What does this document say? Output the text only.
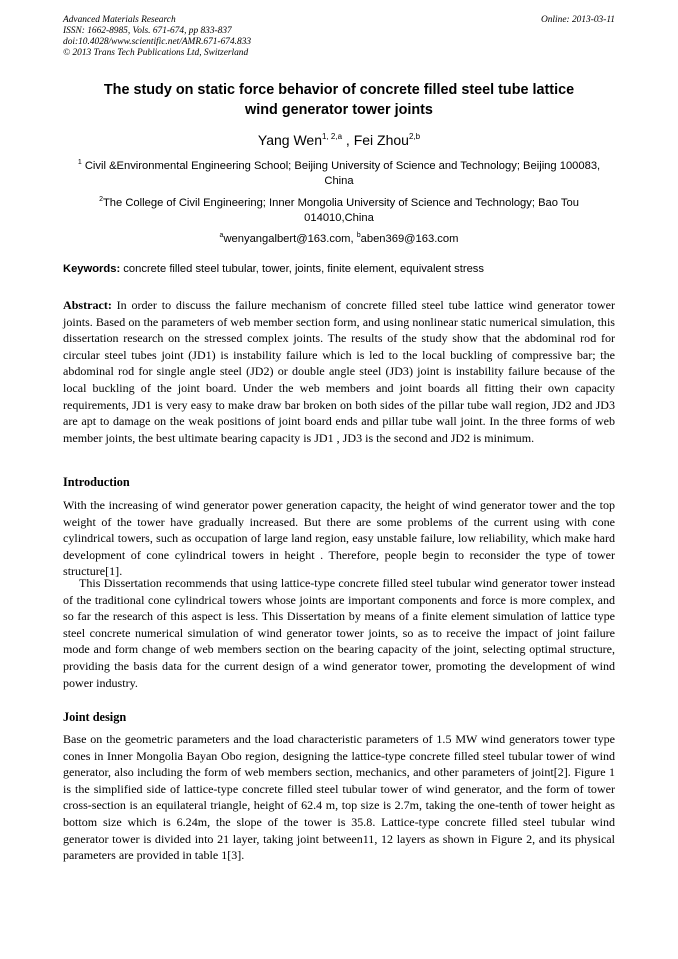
Advanced Materials Research
ISSN: 1662-8985, Vols. 671-674, pp 833-837
doi:10.4028/www.scientific.net/AMR.671-674.833
© 2013 Trans Tech Publications Ltd, Switzerland
Online: 2013-03-11
The study on static force behavior of concrete filled steel tube lattice
wind generator tower joints
Yang Wen$^{1, 2,a}$ , Fei Zhou$^{2,b}$
$^1$ Civil &Environmental Engineering School; Beijing University of Science and Technology; Beijing 100083, China
$^2$The College of Civil Engineering; Inner Mongolia University of Science and Technology; Bao Tou 014010,China
$^a$wenyangalbert@163.com, $^b$aben369@163.com
Keywords: concrete filled steel tubular, tower, joints, finite element, equivalent stress
Abstract: In order to discuss the failure mechanism of concrete filled steel tube lattice wind generator tower joints. Based on the parameters of web member section form, and using nonlinear static numerical simulation, this dissertation research on the stressed complex joints. The results of the study show that the abdominal rod for circular steel tubes joint (JD1) is instability failure which is led to the local buckling of compressive bar; the abdominal rod for single angle steel (JD2) or double angle steel (JD3) joint is instability failure because of the local buckling of the joint board. Under the web members and joint boards all fitting their own capacity requirements, JD1 is very easy to make draw bar broken on both sides of the pillar tube wall region, JD2 and JD3 are apt to damage on the weak positions of joint board ends and pillar tube wall joint. In the three forms of web member joints, the best ultimate bearing capacity is JD1 , JD3 is the second and JD2 is minimum.
Introduction
With the increasing of wind generator power generation capacity, the height of wind generator tower and the top weight of the tower have gradually increased. But there are some problems of the current using with cone cylindrical towers, such as occupation of large land region, easy unstable failure, low reliability, which make hard development of cone cylindrical towers in height . Therefore, people begin to reconsider the type of tower structure[1].
This Dissertation recommends that using lattice-type concrete filled steel tubular wind generator tower instead of the traditional cone cylindrical towers whose joints are important components and force is more complex, and so far the research of this aspect is less. This Dissertation by means of a finite element simulation of lattice type steel concrete numerical simulation of wind generator tower joints, so as to receive the impact of joint failure mode and form change of web members section on the bearing capacity of the joint, selecting optimal structure, providing the basis data for the current design of a wind generator tower, promoting the development of wind power industry.
Joint design
Base on the geometric parameters and the load characteristic parameters of 1.5 MW wind generators tower type cones in Inner Mongolia Bayan Obo region, designing the lattice-type concrete filled steel tubular tower of wind generator, also including the form of web members section, mechanics, and other parameters of joint[2]. Figure 1 is the simplified side of lattice-type concrete filled steel tubular tower of wind generator, and the form of tower cross-section is an equilateral triangle, height of 62.4 m, top size is 2.7m, taking the one-tenth of tower height as bottom size which is 6.24m, the slope of the tower is 35.8. Lattice-type concrete filled steel tubular wind generator tower is divided into 21 layer, taking joint between11, 12 layers as shown in Figure 2, and its physical parameters are provided in table 1[3].
